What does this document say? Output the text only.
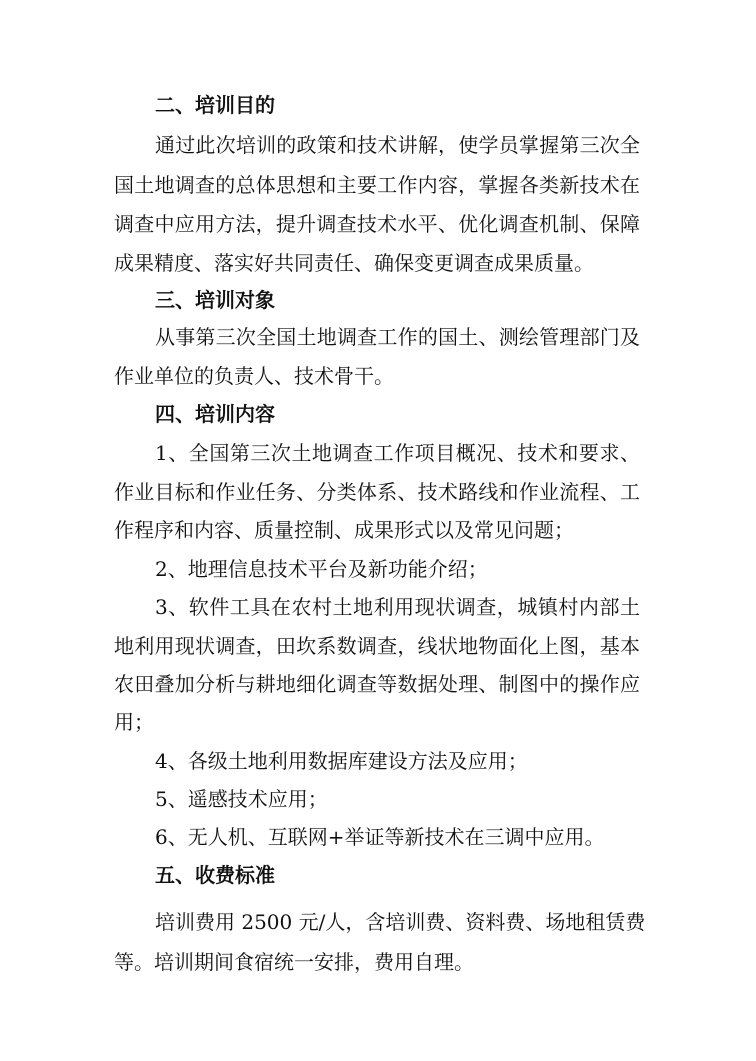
二、培训目的
通过此次培训的政策和技术讲解，使学员掌握第三次全
国土地调查的总体思想和主要工作内容，掌握各类新技术在
调查中应用方法，提升调查技术水平、优化调查机制、保障
成果精度、落实好共同责任、确保变更调查成果质量。
三、培训对象
从事第三次全国土地调查工作的国土、测绘管理部门及
作业单位的负责人、技术骨干。
四、培训内容
1、全国第三次土地调查工作项目概况、技术和要求、
作业目标和作业任务、分类体系、技术路线和作业流程、工
作程序和内容、质量控制、成果形式以及常见问题；
2、地理信息技术平台及新功能介绍；
3、软件工具在农村土地利用现状调查，城镇村内部土
地利用现状调查，田坎系数调查，线状地物面化上图，基本
农田叠加分析与耕地细化调查等数据处理、制图中的操作应
用；
4、各级土地利用数据库建设方法及应用；
5、遥感技术应用；
6、无人机、互联网+举证等新技术在三调中应用。
五、收费标准
培训费用 2500 元/人，含培训费、资料费、场地租赁费
等。培训期间食宿统一安排，费用自理。
